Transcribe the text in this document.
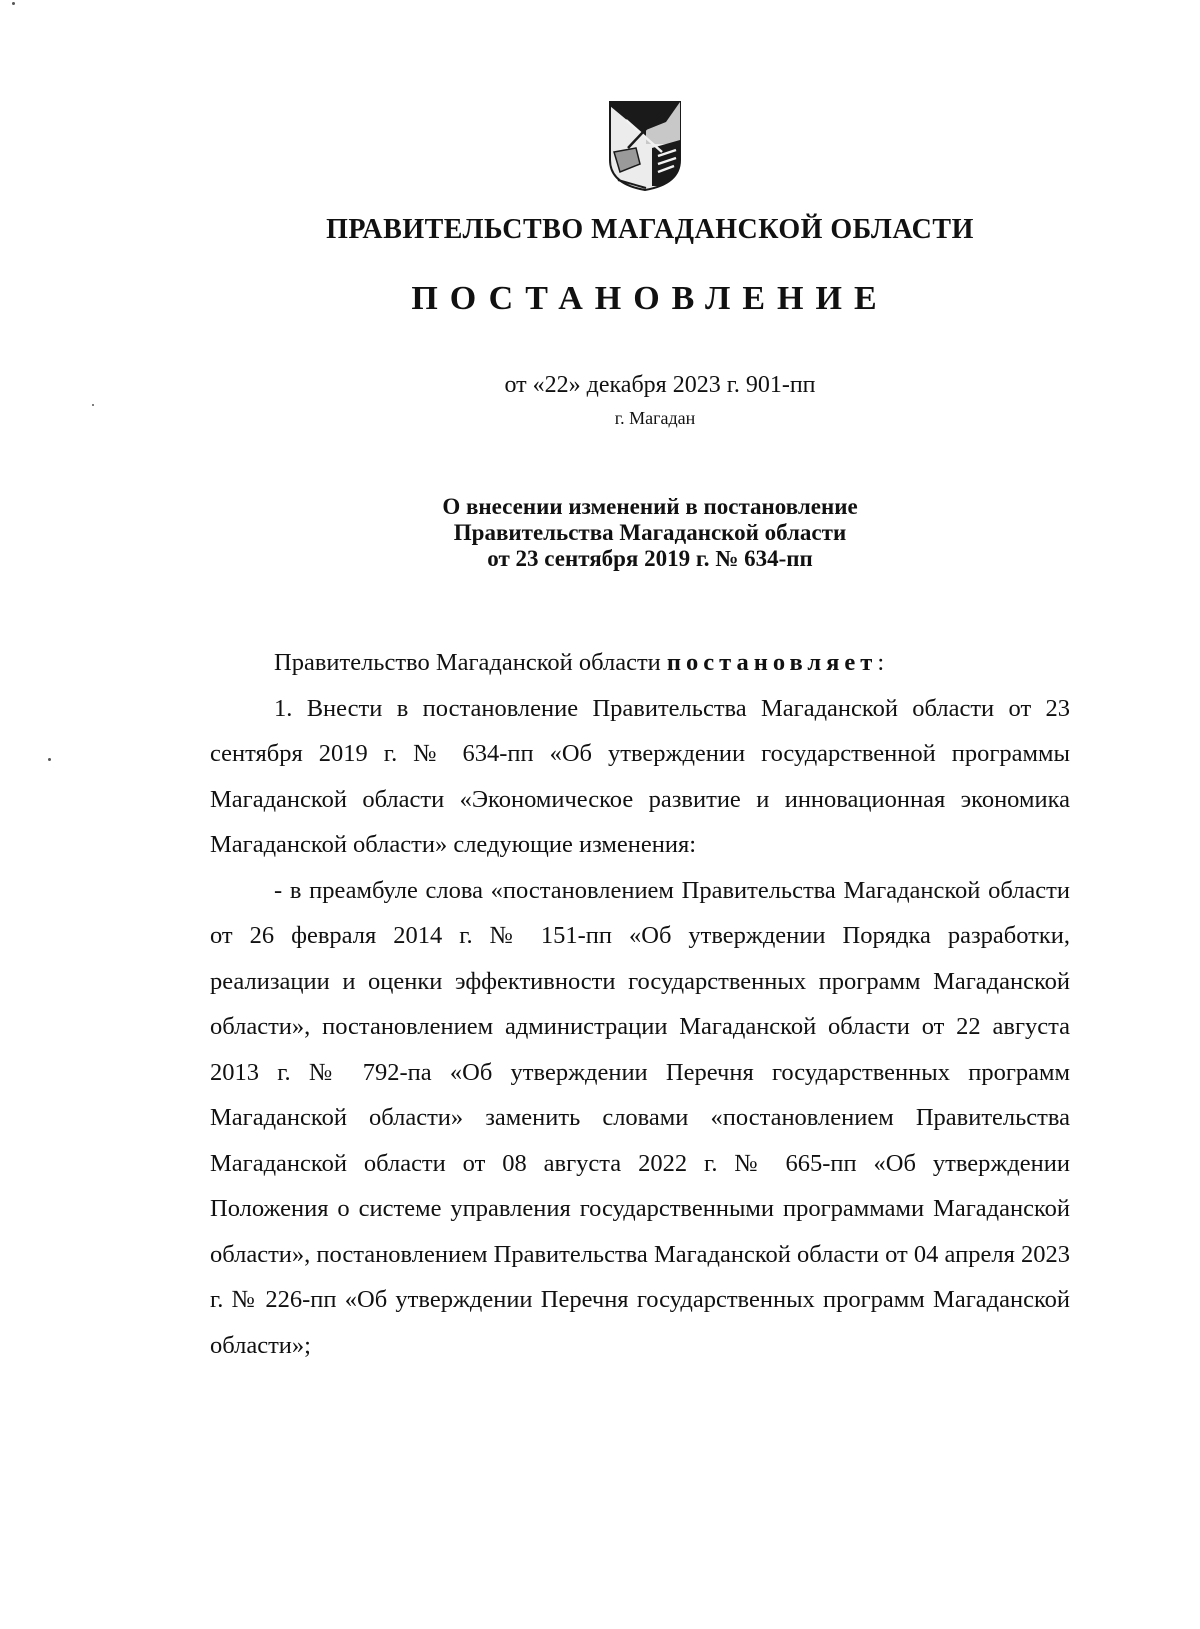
ПРАВИТЕЛЬСТВО МАГАДАНСКОЙ ОБЛАСТИ
ПОСТАНОВЛЕНИЕ
от «22» декабря 2023 г. 901-пп
г. Магадан
О внесении изменений в постановление
Правительства Магаданской области
от 23 сентября 2019 г. № 634-пп

Правительство Магаданской области постановляет:

1. Внести в постановление Правительства Магаданской области от 23 сентября 2019 г. № 634-пп «Об утверждении государственной программы Магаданской области «Экономическое развитие и инновационная экономика Магаданской области» следующие изменения:

- в преамбуле слова «постановлением Правительства Магаданской области от 26 февраля 2014 г. № 151-пп «Об утверждении Порядка разработки, реализации и оценки эффективности государственных программ Магаданской области», постановлением администрации Магаданской области от 22 августа 2013 г. № 792-па «Об утверждении Перечня государственных программ Магаданской области» заменить словами «постановлением Правительства Магаданской области от 08 августа 2022 г. № 665-пп «Об утверждении Положения о системе управления государственными программами Магаданской области», постановлением Правительства Магаданской области от 04 апреля 2023 г. № 226-пп «Об утверждении Перечня государственных программ Магаданской области»;
